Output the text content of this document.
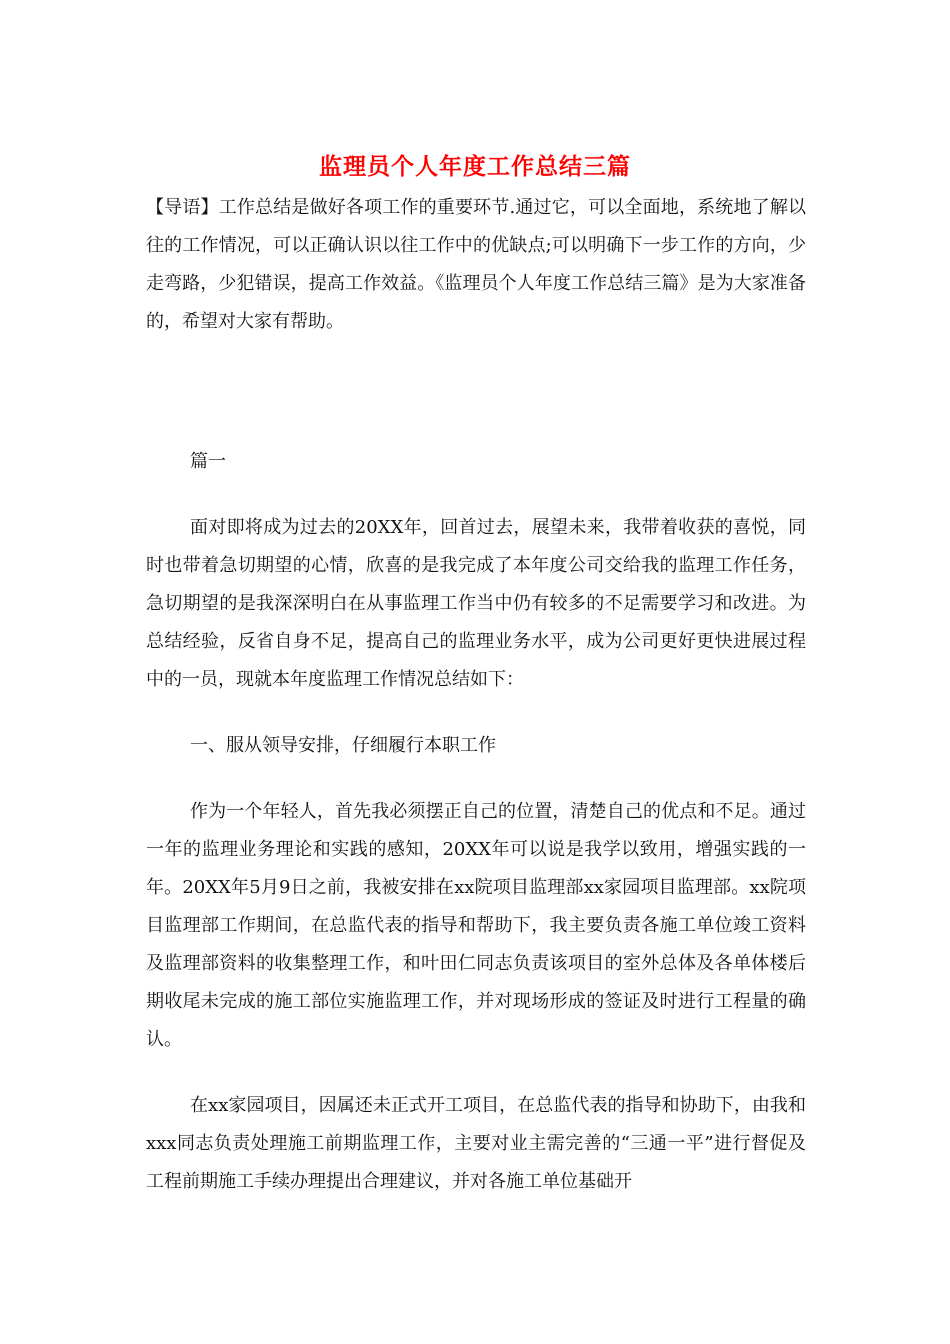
监理员个人年度工作总结三篇

【导语】工作总结是做好各项工作的重要环节.通过它，可以全面地，系统地了解以往的工作情况，可以正确认识以往工作中的优缺点;可以明确下一步工作的方向，少走弯路，少犯错误，提高工作效益。《监理员个人年度工作总结三篇》是为大家准备的，希望对大家有帮助。

篇一

面对即将成为过去的20XX年，回首过去，展望未来，我带着收获的喜悦，同时也带着急切期望的心情，欣喜的是我完成了本年度公司交给我的监理工作任务，急切期望的是我深深明白在从事监理工作当中仍有较多的不足需要学习和改进。为总结经验，反省自身不足，提高自己的监理业务水平，成为公司更好更快进展过程中的一员，现就本年度监理工作情况总结如下：

一、服从领导安排，仔细履行本职工作

作为一个年轻人，首先我必须摆正自己的位置，清楚自己的优点和不足。通过一年的监理业务理论和实践的感知，20XX年可以说是我学以致用，增强实践的一年。20XX年5月9日之前，我被安排在xx院项目监理部xx家园项目监理部。xx院项目监理部工作期间，在总监代表的指导和帮助下，我主要负责各施工单位竣工资料及监理部资料的收集整理工作，和叶田仁同志负责该项目的室外总体及各单体楼后期收尾未完成的施工部位实施监理工作，并对现场形成的签证及时进行工程量的确认。

在xx家园项目，因属还未正式开工项目，在总监代表的指导和协助下，由我和xxx同志负责处理施工前期监理工作，主要对业主需完善的“三通一平”进行督促及工程前期施工手续办理提出合理建议，并对各施工单位基础开
